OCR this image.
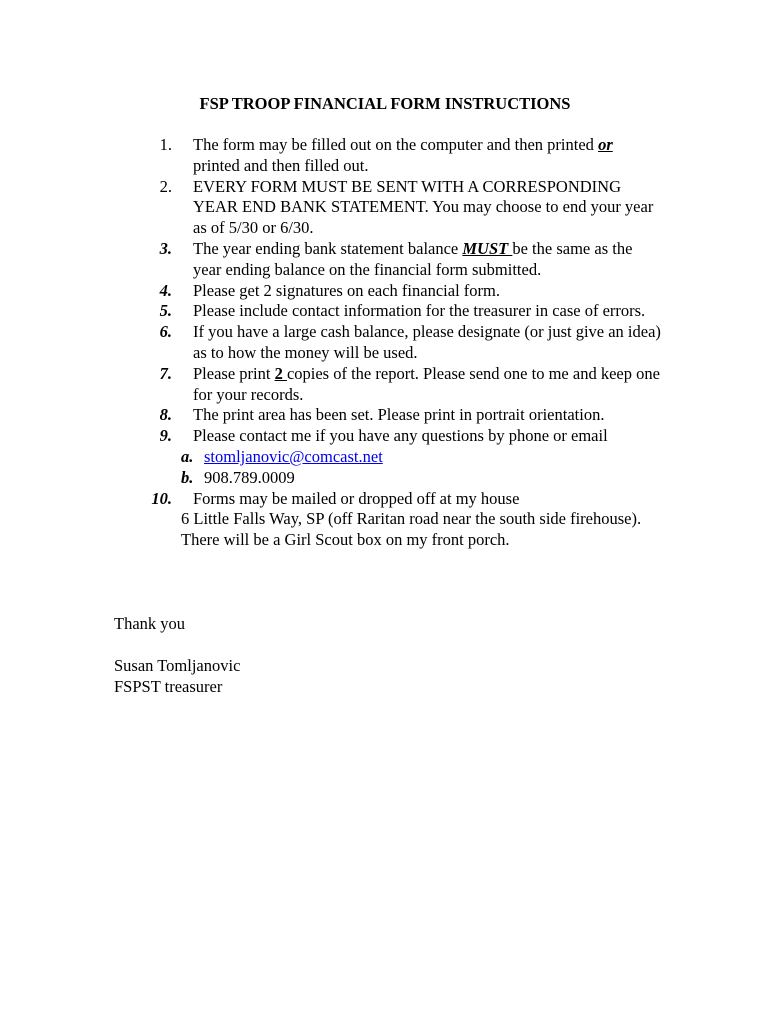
FSP TROOP FINANCIAL FORM INSTRUCTIONS
1. The form may be filled out on the computer and then printed or printed and then filled out.
2. EVERY FORM MUST BE SENT WITH A CORRESPONDING YEAR END BANK STATEMENT. You may choose to end your year as of 5/30 or 6/30.
3. The year ending bank statement balance MUST be the same as the year ending balance on the financial form submitted.
4. Please get 2 signatures on each financial form.
5. Please include contact information for the treasurer in case of errors.
6. If you have a large cash balance, please designate (or just give an idea) as to how the money will be used.
7. Please print 2 copies of the report. Please send one to me and keep one for your records.
8. The print area has been set. Please print in portrait orientation.
9. Please contact me if you have any questions by phone or email
a. stomljanovic@comcast.net
b. 908.789.0009
10. Forms may be mailed or dropped off at my house
6 Little Falls Way, SP (off Raritan road near the south side firehouse). There will be a Girl Scout box on my front porch.
Thank you
Susan Tomljanovic
FSPST treasurer
